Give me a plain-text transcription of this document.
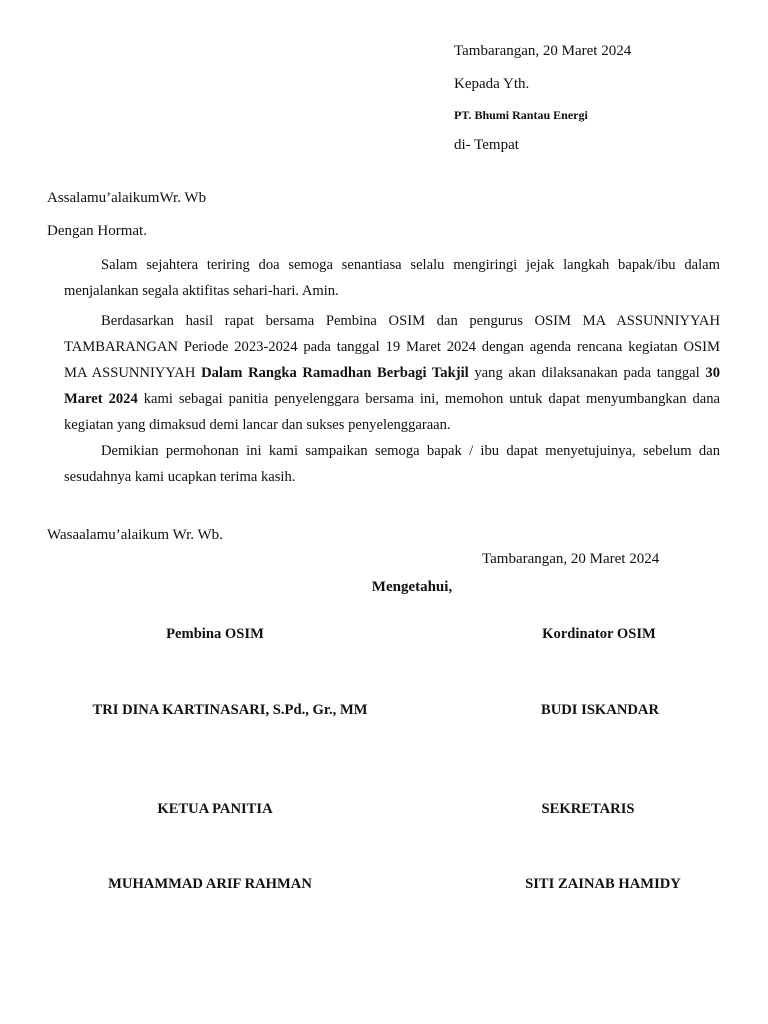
Tambarangan, 20 Maret 2024
Kepada Yth.
PT. Bhumi Rantau Energi
di- Tempat
Assalamu’alaikumWr. Wb
Dengan Hormat.
Salam sejahtera teriring doa semoga senantiasa selalu mengiringi jejak langkah bapak/ibu dalam menjalankan segala aktifitas sehari-hari. Amin.
Berdasarkan hasil rapat bersama Pembina OSIM dan pengurus OSIM MA ASSUNNIYYAH TAMBARANGAN Periode 2023-2024 pada tanggal 19 Maret 2024 dengan agenda rencana kegiatan OSIM MA ASSUNNIYYAH Dalam Rangka Ramadhan Berbagi Takjil yang akan dilaksanakan pada tanggal 30 Maret 2024 kami sebagai panitia penyelenggara bersama ini, memohon untuk dapat menyumbangkan dana kegiatan yang dimaksud demi lancar dan sukses penyelenggaraan.
Demikian permohonan ini kami sampaikan semoga bapak / ibu dapat menyetujuinya, sebelum dan sesudahnya kami ucapkan terima kasih.
Wasaalamu’alaikum Wr. Wb.
Tambarangan, 20 Maret 2024
Mengetahui,
Pembina OSIM	Kordinator OSIM
TRI DINA KARTINASARI, S.Pd., Gr., MM	BUDI ISKANDAR
KETUA PANITIA	SEKRETARIS
MUHAMMAD ARIF RAHMAN	SITI ZAINAB HAMIDY
